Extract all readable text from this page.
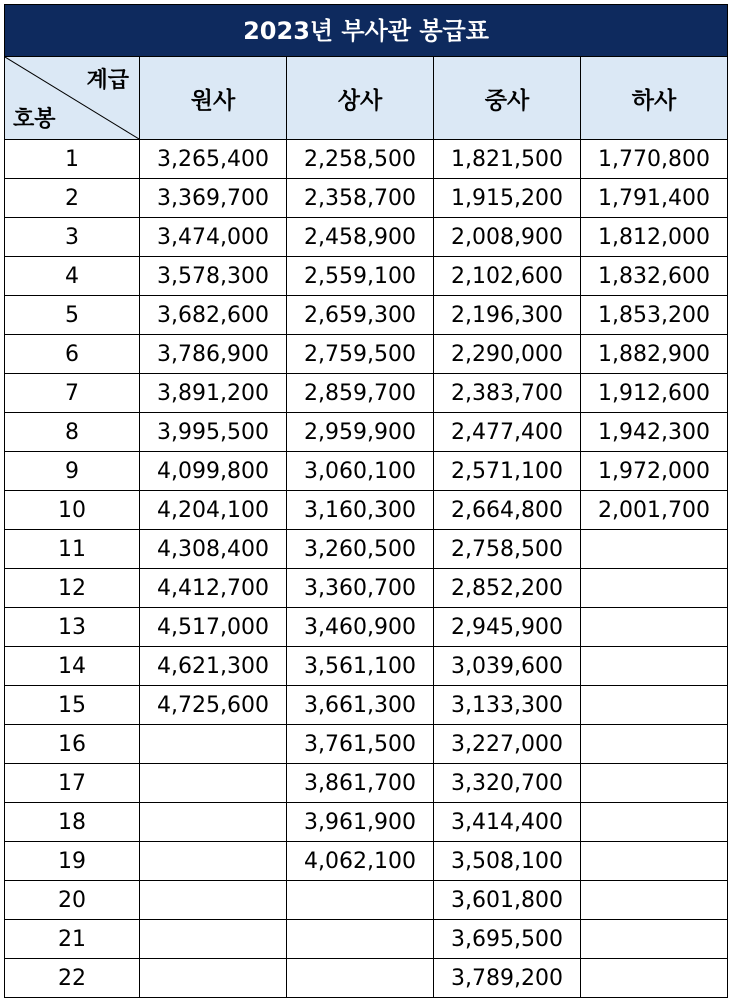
2023년 부사관 봉급표
계급
호봉	원사	상사	중사	하사
1	3,265,400	2,258,500	1,821,500	1,770,800
2	3,369,700	2,358,700	1,915,200	1,791,400
3	3,474,000	2,458,900	2,008,900	1,812,000
4	3,578,300	2,559,100	2,102,600	1,832,600
5	3,682,600	2,659,300	2,196,300	1,853,200
6	3,786,900	2,759,500	2,290,000	1,882,900
7	3,891,200	2,859,700	2,383,700	1,912,600
8	3,995,500	2,959,900	2,477,400	1,942,300
9	4,099,800	3,060,100	2,571,100	1,972,000
10	4,204,100	3,160,300	2,664,800	2,001,700
11	4,308,400	3,260,500	2,758,500	
12	4,412,700	3,360,700	2,852,200	
13	4,517,000	3,460,900	2,945,900	
14	4,621,300	3,561,100	3,039,600	
15	4,725,600	3,661,300	3,133,300	
16		3,761,500	3,227,000	
17		3,861,700	3,320,700	
18		3,961,900	3,414,400	
19		4,062,100	3,508,100	
20			3,601,800	
21			3,695,500	
22			3,789,200	
